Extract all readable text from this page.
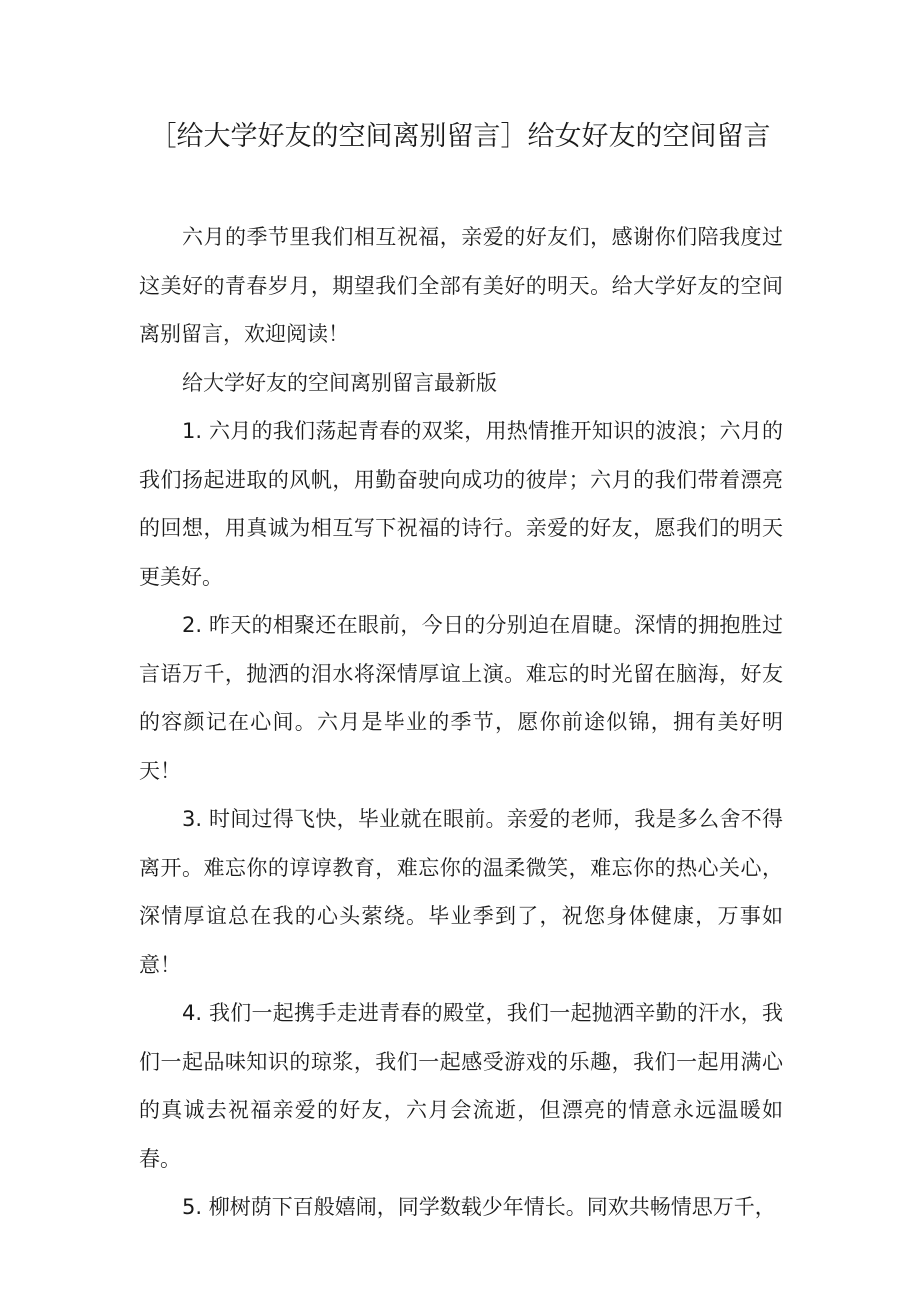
［给大学好友的空间离别留言］给女好友的空间留言

六月的季节里我们相互祝福，亲爱的好友们，感谢你们陪我度过这美好的青春岁月，期望我们全部有美好的明天。给大学好友的空间离别留言，欢迎阅读！

给大学好友的空间离别留言最新版

1. 六月的我们荡起青春的双桨，用热情推开知识的波浪；六月的我们扬起进取的风帆，用勤奋驶向成功的彼岸；六月的我们带着漂亮的回想，用真诚为相互写下祝福的诗行。亲爱的好友，愿我们的明天更美好。

2. 昨天的相聚还在眼前，今日的分别迫在眉睫。深情的拥抱胜过言语万千，抛洒的泪水将深情厚谊上演。难忘的时光留在脑海，好友的容颜记在心间。六月是毕业的季节，愿你前途似锦，拥有美好明天！

3. 时间过得飞快，毕业就在眼前。亲爱的老师，我是多么舍不得离开。难忘你的谆谆教育，难忘你的温柔微笑，难忘你的热心关心，深情厚谊总在我的心头萦绕。毕业季到了，祝您身体健康，万事如意！

4. 我们一起携手走进青春的殿堂，我们一起抛洒辛勤的汗水，我们一起品味知识的琼浆，我们一起感受游戏的乐趣，我们一起用满心的真诚去祝福亲爱的好友，六月会流逝，但漂亮的情意永远温暖如春。

5. 柳树荫下百般嬉闹，同学数载少年情长。同欢共畅情思万千，
